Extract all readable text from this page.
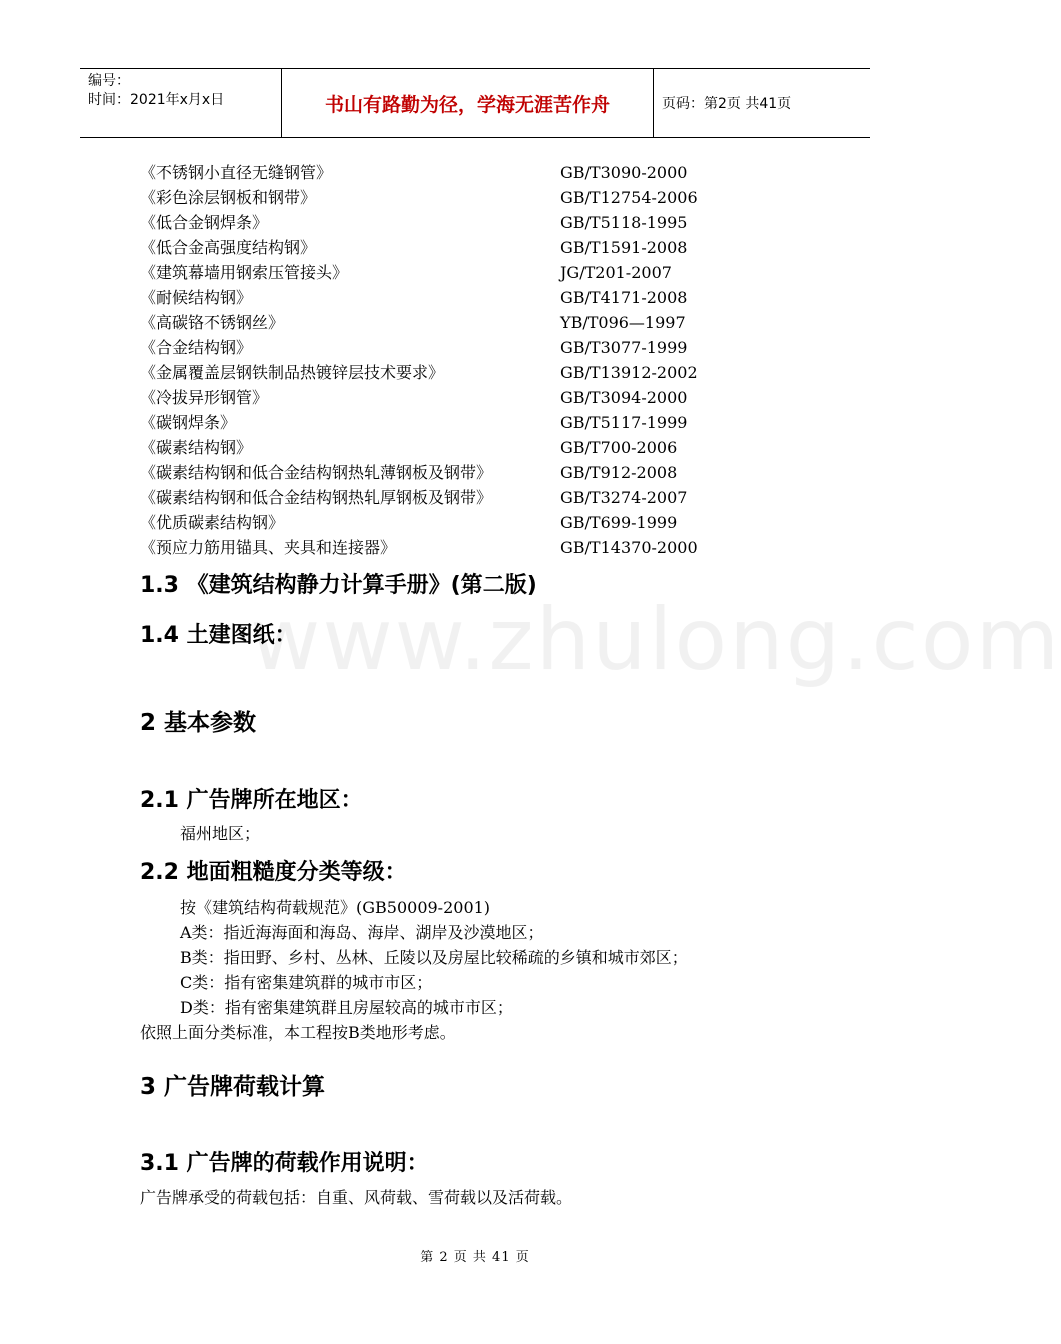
编号：
时间：2021年x月x日	书山有路勤为径，学海无涯苦作舟	页码：第2页 共41页
《不锈钢小直径无缝钢管》	GB/T3090-2000
《彩色涂层钢板和钢带》	GB/T12754-2006
《低合金钢焊条》	GB/T5118-1995
《低合金高强度结构钢》	GB/T1591-2008
《建筑幕墙用钢索压管接头》	JG/T201-2007
《耐候结构钢》	GB/T4171-2008
《高碳铬不锈钢丝》	YB/T096—1997
《合金结构钢》	GB/T3077-1999
《金属覆盖层钢铁制品热镀锌层技术要求》	GB/T13912-2002
《冷拔异形钢管》	GB/T3094-2000
《碳钢焊条》	GB/T5117-1999
《碳素结构钢》	GB/T700-2006
《碳素结构钢和低合金结构钢热轧薄钢板及钢带》	GB/T912-2008
《碳素结构钢和低合金结构钢热轧厚钢板及钢带》	GB/T3274-2007
《优质碳素结构钢》	GB/T699-1999
《预应力筋用锚具、夹具和连接器》	GB/T14370-2000
www.zhulong.com
1.3 《建筑结构静力计算手册》(第二版)
1.4 土建图纸：
2 基本参数
2.1 广告牌所在地区：
福州地区；
2.2 地面粗糙度分类等级：
按《建筑结构荷载规范》(GB50009-2001)
A类：指近海海面和海岛、海岸、湖岸及沙漠地区；
B类：指田野、乡村、丛林、丘陵以及房屋比较稀疏的乡镇和城市郊区；
C类：指有密集建筑群的城市市区；
D类：指有密集建筑群且房屋较高的城市市区；
依照上面分类标准，本工程按B类地形考虑。
3 广告牌荷载计算
3.1 广告牌的荷载作用说明：
广告牌承受的荷载包括：自重、风荷载、雪荷载以及活荷载。
第 2 页 共 41 页
